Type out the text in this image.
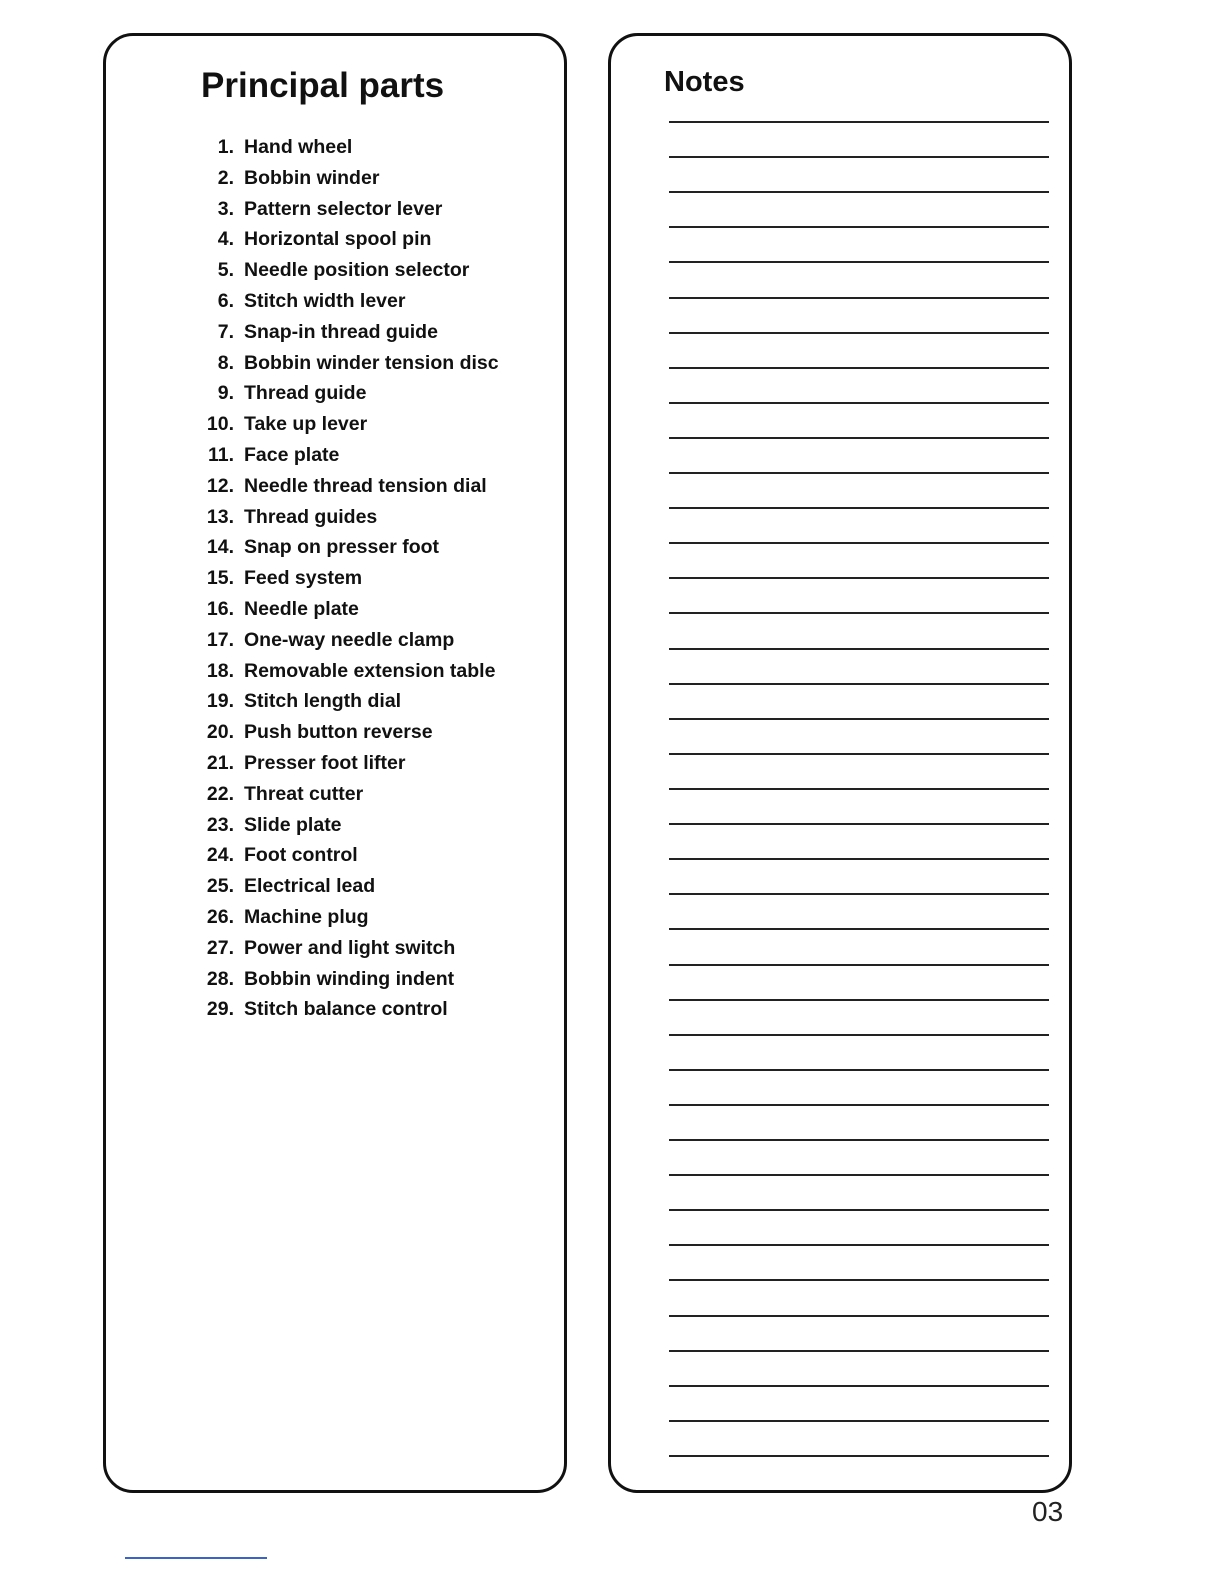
Principal parts
1. Hand wheel
2. Bobbin winder
3. Pattern selector lever
4. Horizontal spool pin
5. Needle position selector
6. Stitch width lever
7. Snap-in thread guide
8. Bobbin winder tension disc
9. Thread guide
10. Take up lever
11. Face plate
12. Needle thread tension dial
13. Thread guides
14. Snap on presser foot
15. Feed system
16. Needle plate
17. One-way needle clamp
18. Removable extension table
19. Stitch length dial
20. Push button reverse
21. Presser foot lifter
22. Threat cutter
23. Slide plate
24. Foot control
25. Electrical lead
26. Machine plug
27. Power and light switch
28. Bobbin winding indent
29. Stitch balance control
Notes
03
